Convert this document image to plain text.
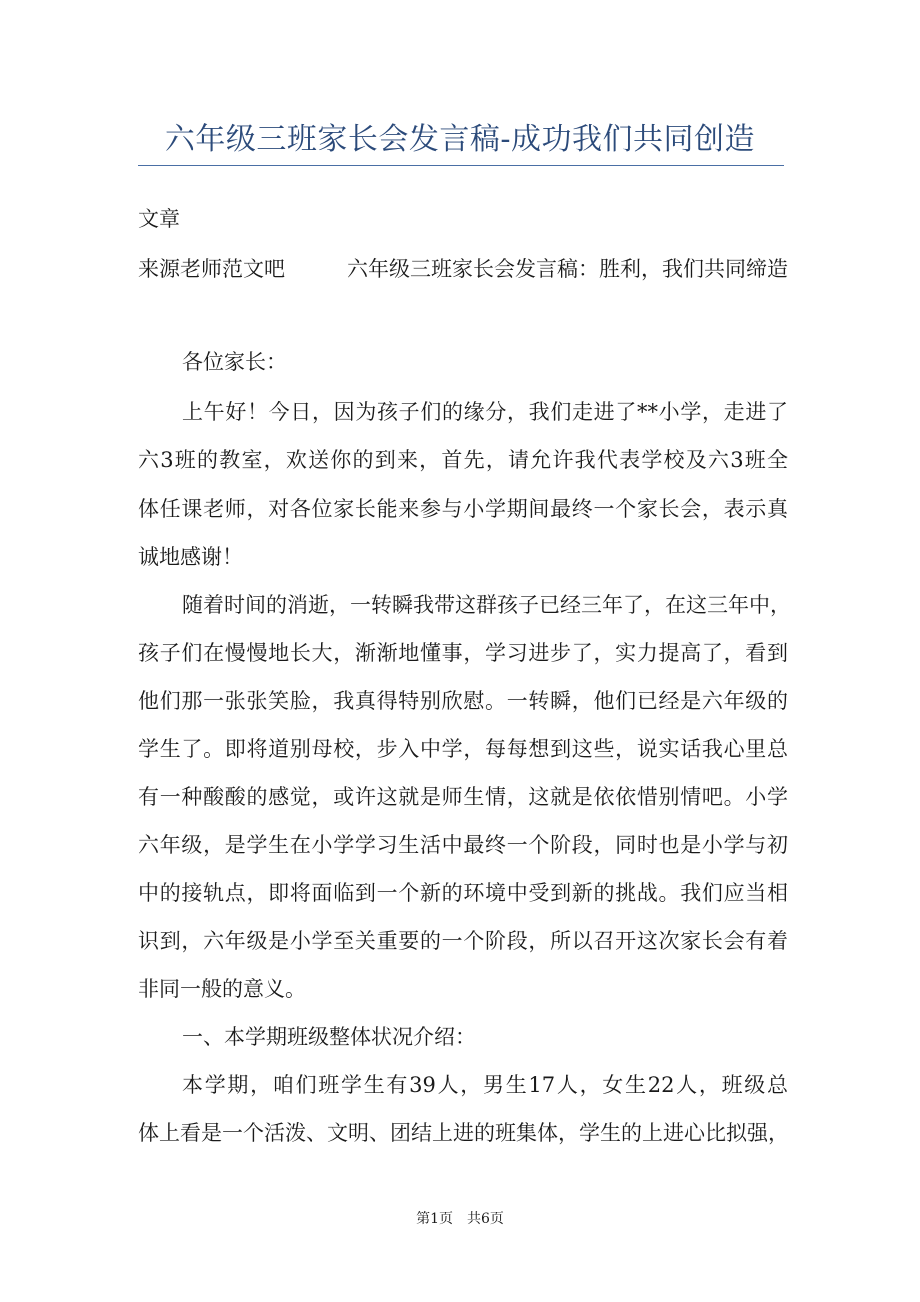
六年级三班家长会发言稿-成功我们共同创造
文章
来源老师范文吧	六年级三班家长会发言稿：胜利，我们共同缔造
各位家长：
上午好！今日，因为孩子们的缘分，我们走进了**小学，走进了
六3班的教室，欢送你的到来，首先，请允许我代表学校及六3班全
体任课老师，对各位家长能来参与小学期间最终一个家长会，表示真
诚地感谢！
随着时间的消逝，一转瞬我带这群孩子已经三年了，在这三年中，
孩子们在慢慢地长大，渐渐地懂事，学习进步了，实力提高了，看到
他们那一张张笑脸，我真得特别欣慰。一转瞬，他们已经是六年级的
学生了。即将道别母校，步入中学，每每想到这些，说实话我心里总
有一种酸酸的感觉，或许这就是师生情，这就是依依惜别情吧。小学
六年级，是学生在小学学习生活中最终一个阶段，同时也是小学与初
中的接轨点，即将面临到一个新的环境中受到新的挑战。我们应当相
识到，六年级是小学至关重要的一个阶段，所以召开这次家长会有着
非同一般的意义。
一、本学期班级整体状况介绍：
本学期，咱们班学生有39人，男生17人，女生22人，班级总
体上看是一个活泼、文明、团结上进的班集体，学生的上进心比拟强，
第1页　共6页
